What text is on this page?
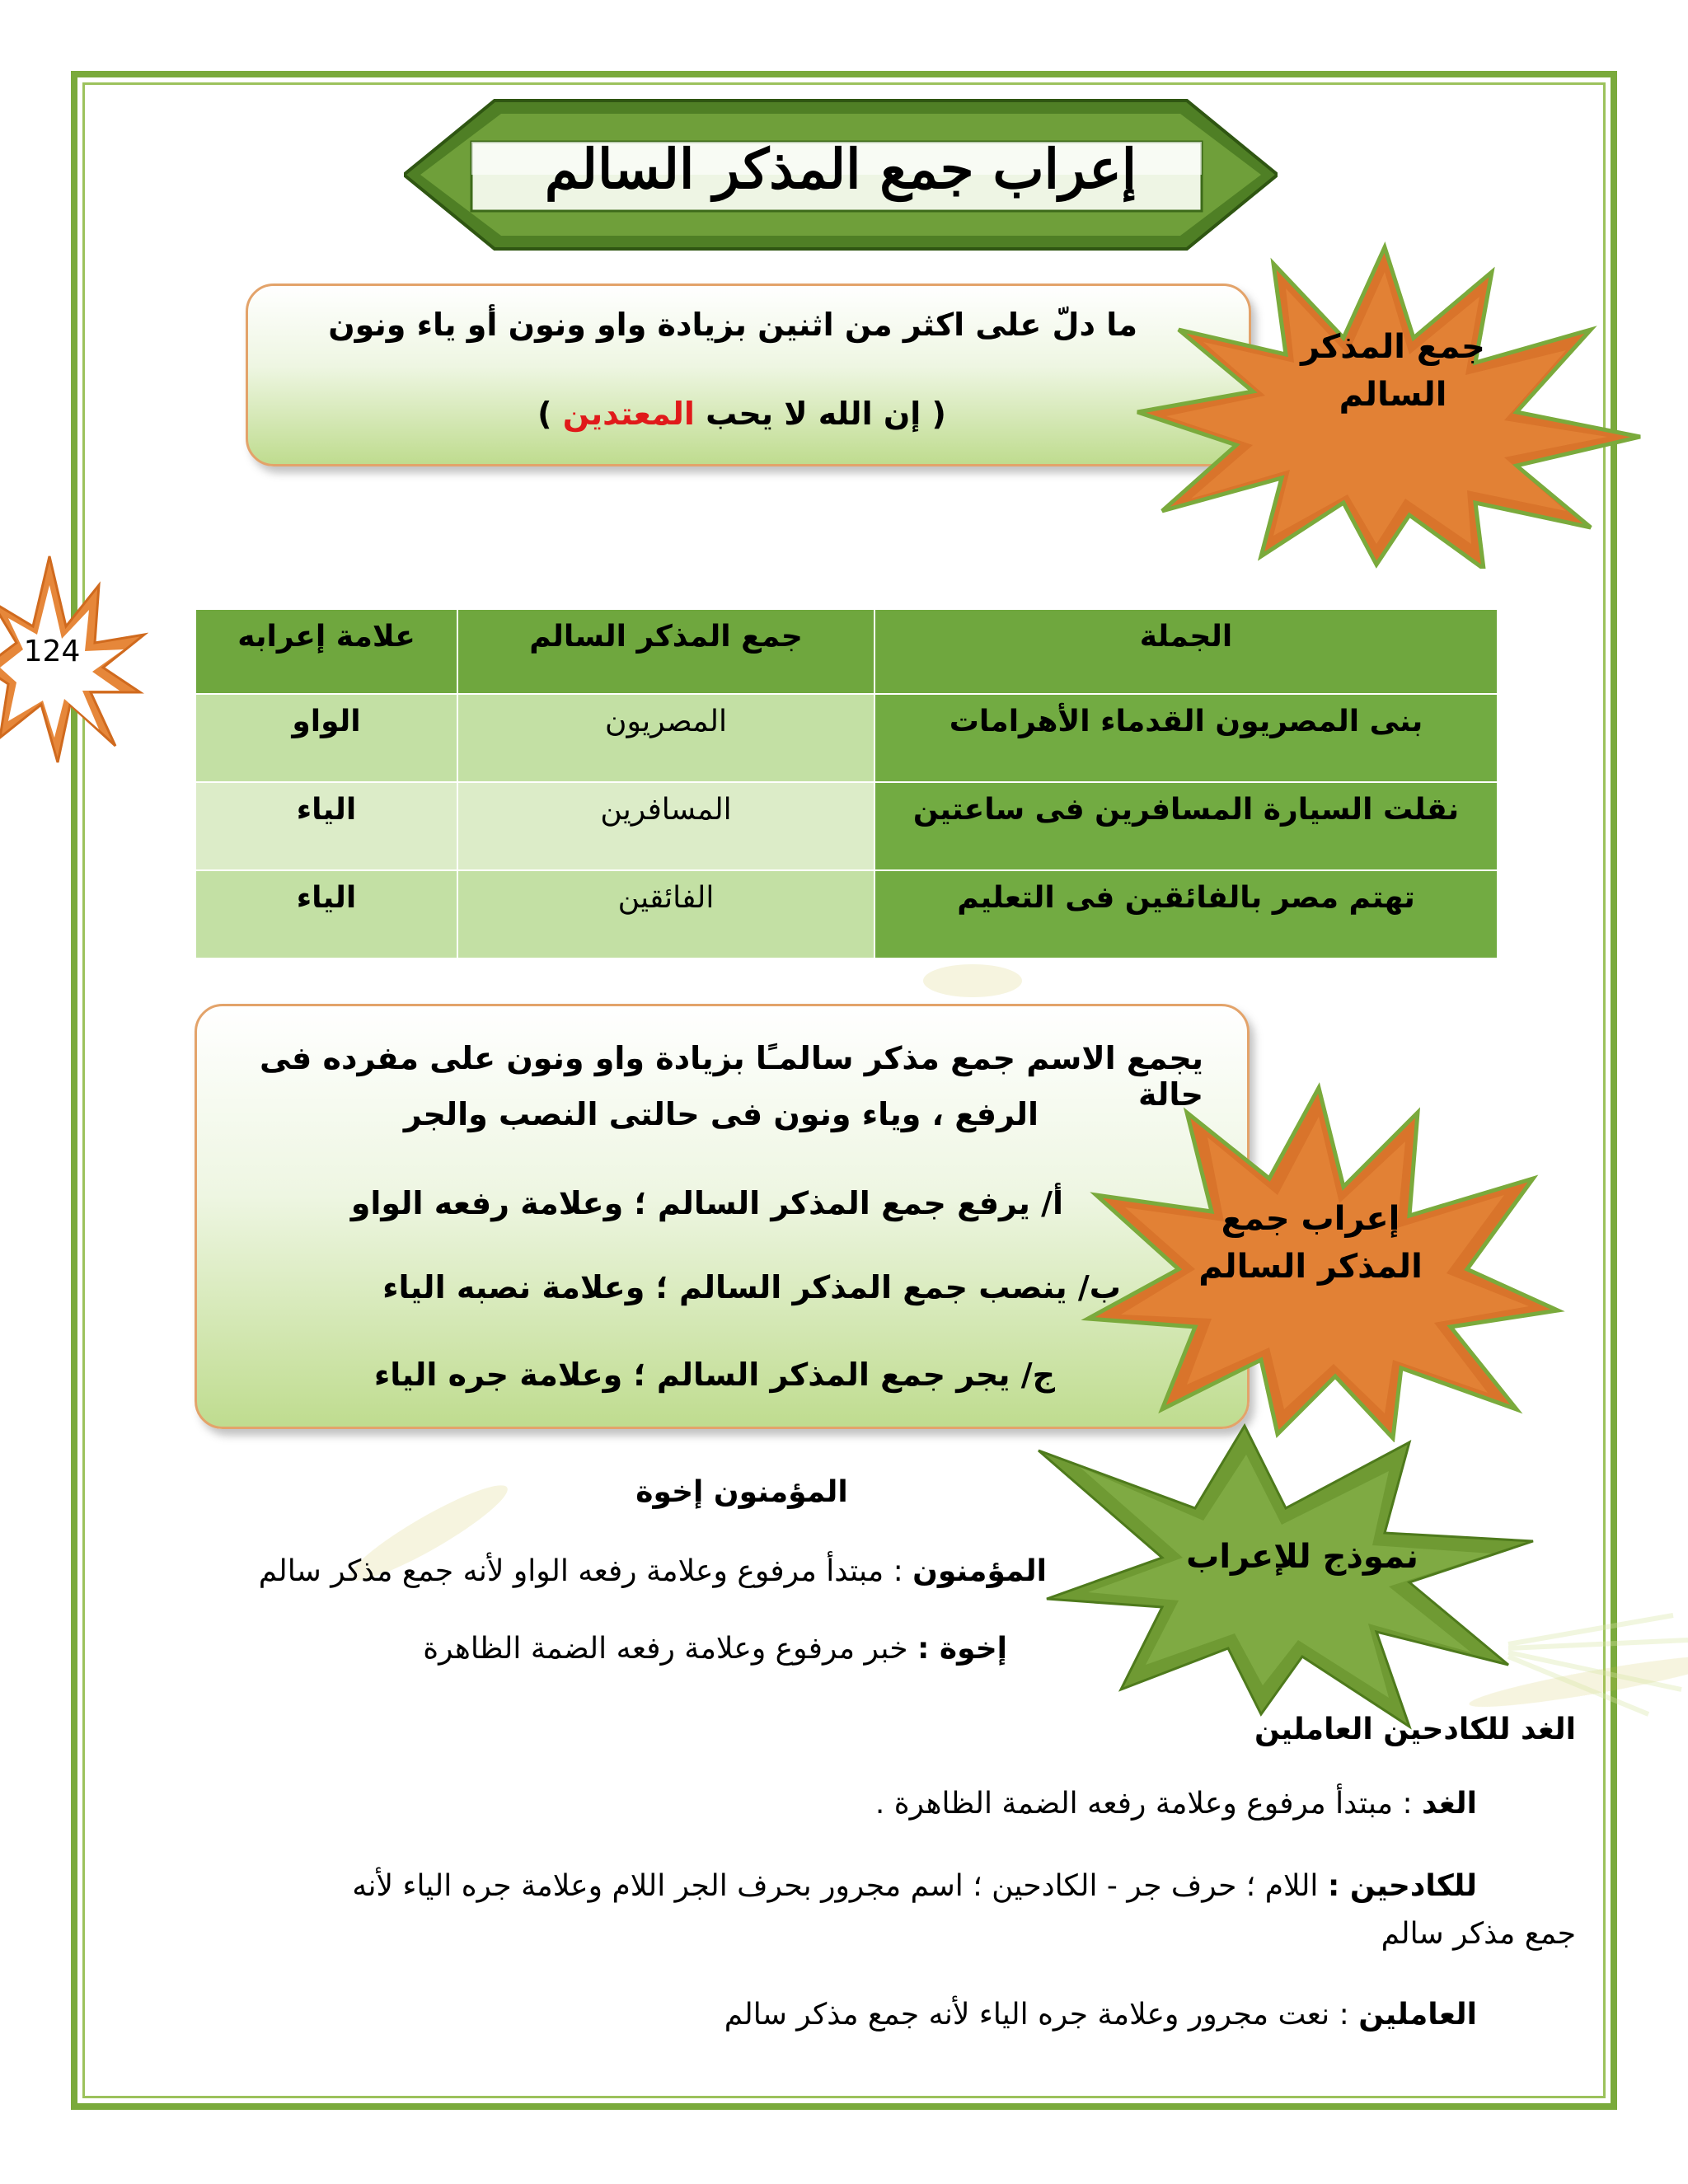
إعراب جمع المذكر السالم
ما دلّ على اكثر من اثنين بزيادة واو ونون أو ياء ونون
( إن الله لا يحب المعتدين )
جمع المذكر السالم
124	الجملة	جمع المذكر السالم	علامة إعرابه
بنى المصريون القدماء الأهرامات	المصريون	الواو
نقلت السيارة المسافرين فى ساعتين	المسافرين	الياء
تهتم مصر بالفائقين فى التعليم	الفائقين	الياء
يجمع الاسم جمع مذكر سالمـًا بزيادة واو ونون على مفرده فى حالة
الرفع ، وياء ونون فى حالتى النصب والجر
أ/ يرفع جمع المذكر السالم ؛ وعلامة رفعه الواو
ب/ ينصب جمع المذكر السالم ؛ وعلامة نصبه الياء
ج/ يجر جمع المذكر السالم ؛ وعلامة جره الياء
إعراب جمع المذكر السالم
نموذج للإعراب
المؤمنون إخوة
المؤمنون : مبتدأ مرفوع وعلامة رفعه الواو لأنه جمع مذكر سالم
إخوة : خبر مرفوع وعلامة رفعه الضمة الظاهرة
الغد للكادحين العاملين
الغد : مبتدأ مرفوع وعلامة رفعه الضمة الظاهرة .
للكادحين : اللام ؛ حرف جر - الكادحين ؛ اسم مجرور بحرف الجر اللام وعلامة جره الياء لأنه
جمع مذكر سالم
العاملين : نعت مجرور وعلامة جره الياء لأنه جمع مذكر سالم
